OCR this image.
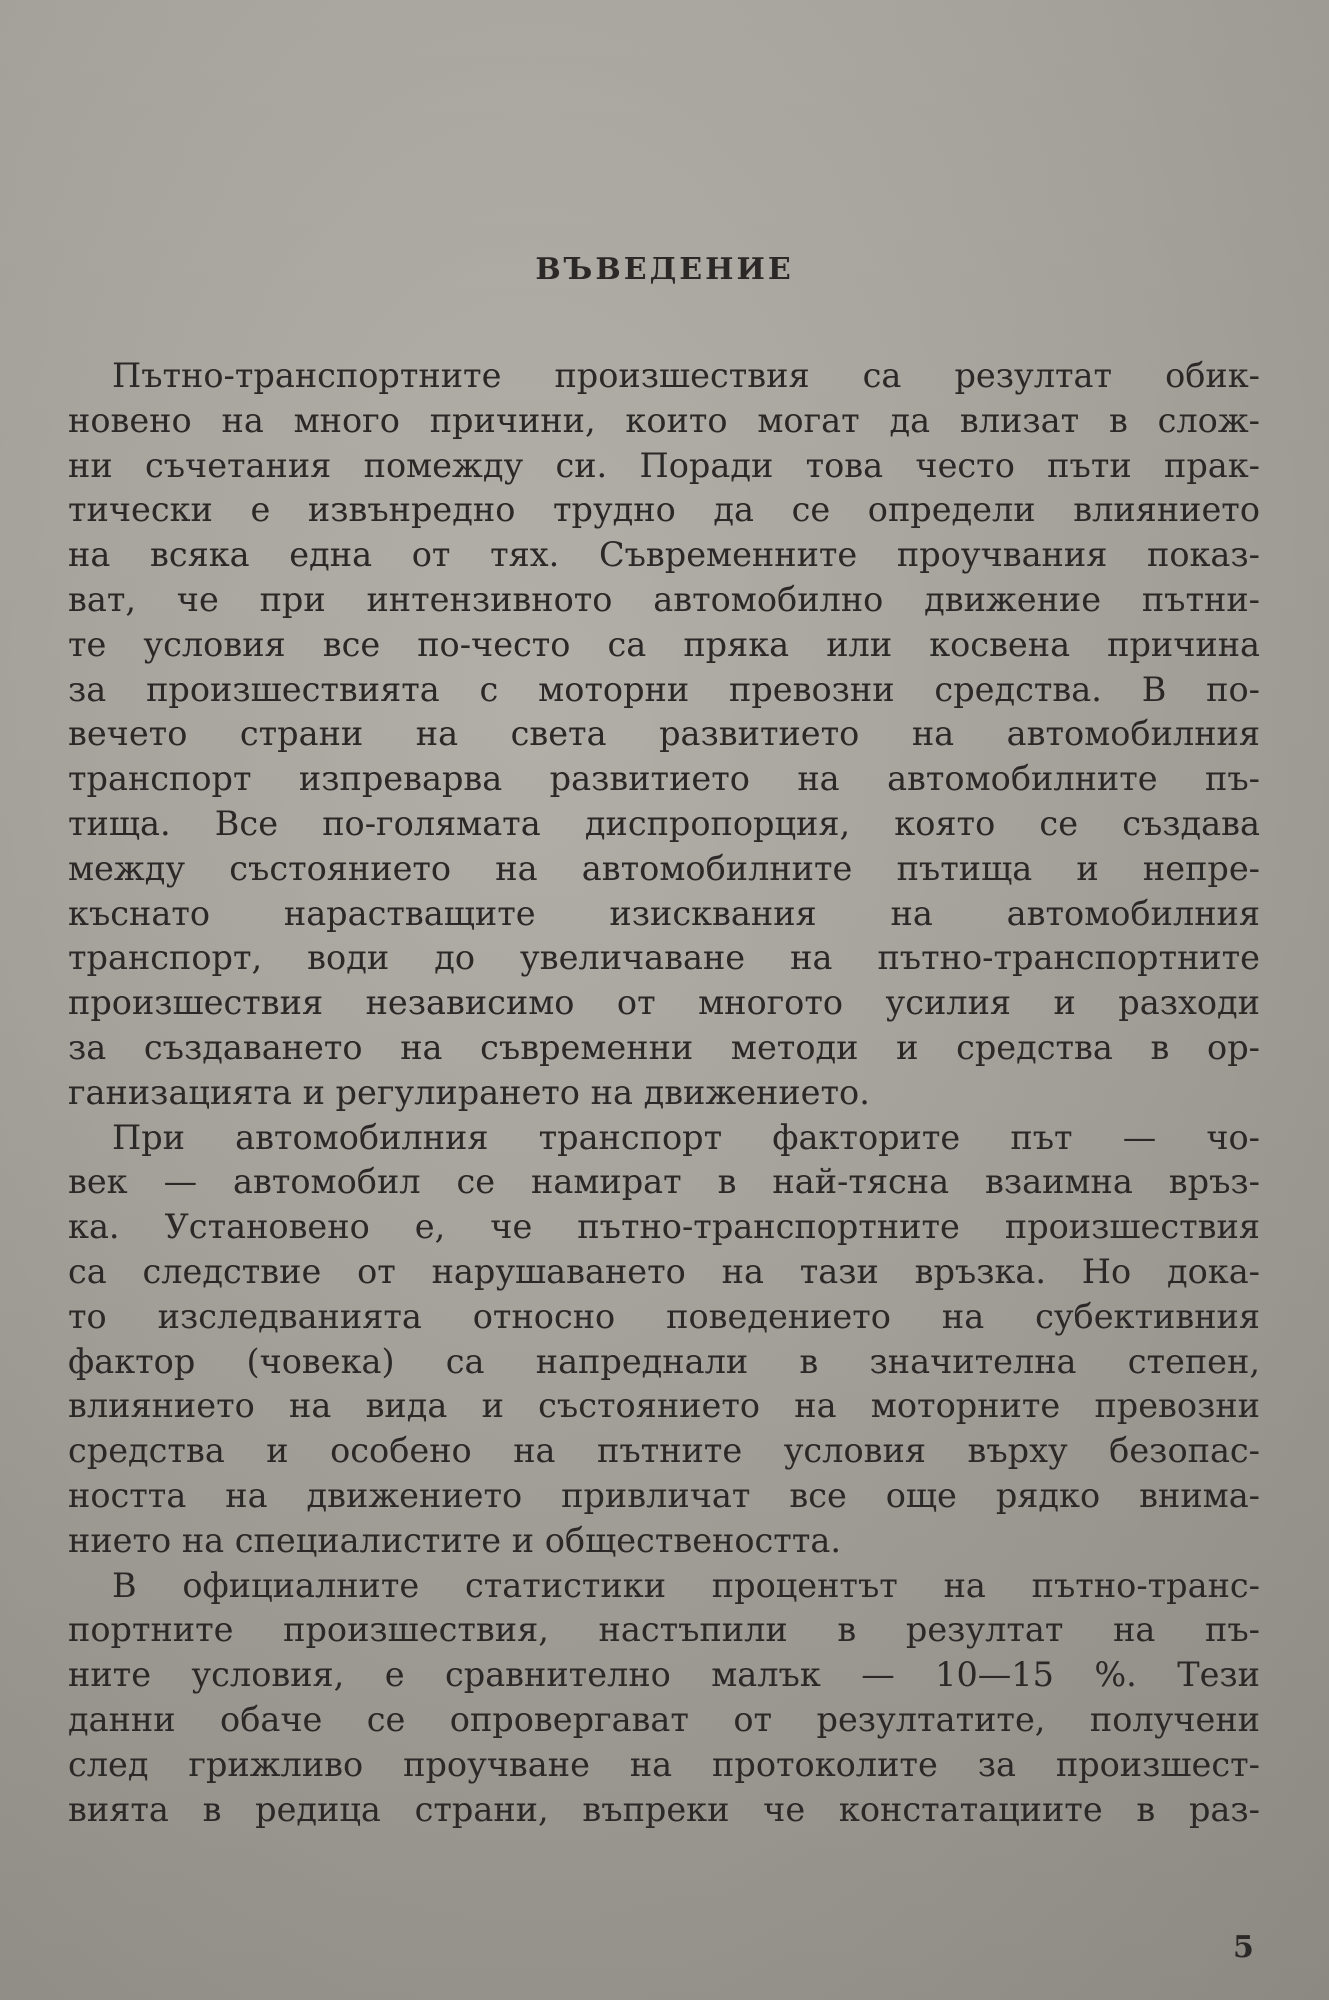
ВЪВЕДЕНИЕ
Пътно-транспортните произшествия са резултат обик-
новено на много причини, които могат да влизат в слож-
ни съчетания помежду си. Поради това често пъти прак-
тически е извънредно трудно да се определи влиянието
на всяка една от тях. Съвременните проучвания показ-
ват, че при интензивното автомобилно движение пътни-
те условия все по-често са пряка или косвена причина
за произшествията с моторни превозни средства. В по-
вечето страни на света развитието на автомобилния
транспорт изпреварва развитието на автомобилните пъ-
тища. Все по-голямата диспропорция, която се създава
между състоянието на автомобилните пътища и непре-
къснато нарастващите изисквания на автомобилния
транспорт, води до увеличаване на пътно-транспортните
произшествия независимо от многото усилия и разходи
за създаването на съвременни методи и средства в ор-
ганизацията и регулирането на движението.
При автомобилния транспорт факторите път — чо-
век — автомобил се намират в най-тясна взаимна връз-
ка. Установено е, че пътно-транспортните произшествия
са следствие от нарушаването на тази връзка. Но дока-
то изследванията относно поведението на субективния
фактор (човека) са напреднали в значителна степен,
влиянието на вида и състоянието на моторните превозни
средства и особено на пътните условия върху безопас-
ността на движението привличат все още рядко внима-
нието на специалистите и обществеността.
В официалните статистики процентът на пътно-транс-
портните произшествия, настъпили в резултат на пъ-
ните условия, е сравнително малък — 10—15 %. Тези
данни обаче се опровергават от резултатите, получени
след грижливо проучване на протоколите за произшест-
вията в редица страни, въпреки че констатациите в раз-
5
